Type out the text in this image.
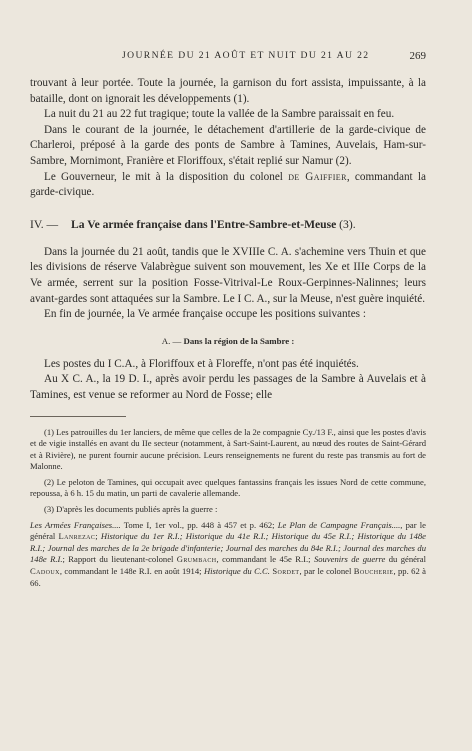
JOURNÉE DU 21 AOÛT ET NUIT DU 21 AU 22	269

trouvant à leur portée. Toute la journée, la garnison du fort assista, impuissante, à la bataille, dont on ignorait les développements (1).

La nuit du 21 au 22 fut tragique; toute la vallée de la Sambre paraissait en feu.

Dans le courant de la journée, le détachement d'artillerie de la garde-civique de Charleroi, préposé à la garde des ponts de Sambre à Tamines, Auvelais, Ham-sur-Sambre, Mornimont, Franière et Floriffoux, s'était replié sur Namur (2).

Le Gouverneur, le mit à la disposition du colonel de Gaiffier, commandant la garde-civique.

IV. — La Ve armée française dans l'Entre-Sambre-et-Meuse (3).

Dans la journée du 21 août, tandis que le XVIIIe C. A. s'achemine vers Thuin et que les divisions de réserve Valabrègue suivent son mouvement, les Xe et IIIe Corps de la Ve armée, serrent sur la position Fosse-Vitrival-Le Roux-Gerpinnes-Nalinnes; leurs avant-gardes sont attaquées sur la Sambre. Le I C. A., sur la Meuse, n'est guère inquiété.

En fin de journée, la Ve armée française occupe les positions suivantes :

A. — Dans la région de la Sambre :

Les postes du I C.A., à Floriffoux et à Floreffe, n'ont pas été inquiétés.

Au X C. A., la 19 D. I., après avoir perdu les passages de la Sambre à Auvelais et à Tamines, est venue se reformer au Nord de Fosse; elle

(1) Les patrouilles du 1er lanciers, de même que celles de la 2e compagnie Cy./13 F., ainsi que les postes d'avis et de vigie installés en avant du IIe secteur (notamment, à Sart-Saint-Laurent, au nœud des routes de Saint-Gérard et à Rivière), ne purent fournir aucune précision. Leurs renseignements ne furent du reste pas transmis au fort de Malonne.

(2) Le peloton de Tamines, qui occupait avec quelques fantassins français les issues Nord de cette commune, repoussa, à 6 h. 15 du matin, un parti de cavalerie allemande.

(3) D'après les documents publiés après la guerre :

Les Armées Françaises.... Tome I, 1er vol., pp. 448 à 457 et p. 462; Le Plan de Campagne Français...., par le général Lanrezac; Historique du 1er R.I.; Historique du 41e R.I.; Historique du 45e R.I.; Historique du 148e R.I.; Journal des marches de la 2e brigade d'infanterie; Journal des marches du 84e R.I.; Journal des marches du 148e R.I.; Rapport du lieutenant-colonel Grumbach, commandant le 45e R.I.; Souvenirs de guerre du général Cadoux, commandant le 148e R.I. en août 1914; Historique du C.C. Sordet, par le colonel Boucherie, pp. 62 à 66.
